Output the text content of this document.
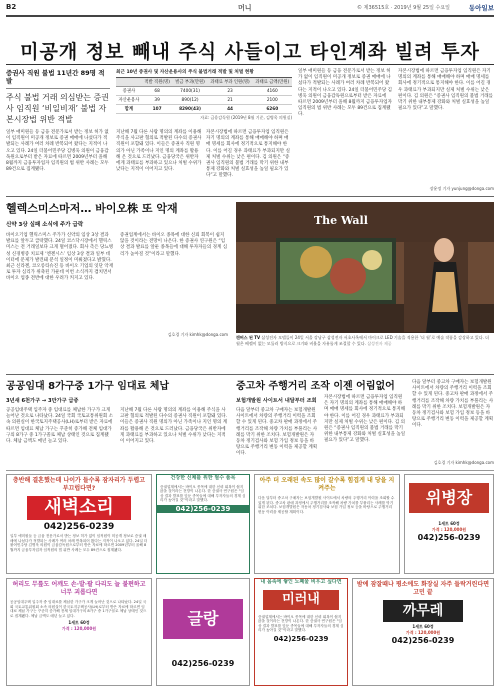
B2	머니	© 제36515호 · 2019년 9월 25일 수요일	동아일보
미공개 정보 빼내 주식 사들이고 타인계좌 빌려 투자
증권사 직원 불법 11년간 89명 적발
주식 불법 거래 의심받는 증권사 임직원 ‘비일비재’ 불법 자본시장법 위반 적발
일부 애미원들 등 금융 전문가로서 받는 정보 허가 없이 임직원이 미공개 정보로 증권 매매에 나섰다가 적발되는 사례가 여러 차례 반복되어 왔다는 지적이 나오고 있다. 24일 더불어민주당 김병욱 의원이 금융감독원으로부터 받은 자료에 따르면 2009년부터 올해 8월까지 금융투자업자 임직원의 법 위반 사례는 모두 89건으로 집계됐다.
최근 10년 증권사 및 자산운용사의 주식 불법거래 적발 및 처벌 현황
	적발 직원(명)	벌금 부과(만원)	과태료 부과 인원(명)	과태료 금액(만원)
증권사	68	7400(31)	23	4160
자산운용사	39	890(12)	21	2100
합계	107	8290(43)	44	6260
자료: 금융감독원 (2019년 8월 기준, 김병욱 의원실)
지난해 7월 다른 사람 명의의 계좌를 이용해 주식을 사고판 혐의로 적발된 다수의 증권사 직원이 포함돼 있다. 이들은 증권사 직원 명의가 아닌 가족이나 지인 명의 계좌를 활용해 온 것으로 드러났다. 금융당국은 위반자에게 과태료를 부과하고 있으나 처벌 수위가 낮다는 지적이 이어지고 있다.
자본시장법에 따르면 금융투자업 임직원은 자기 명의의 계좌를 통해 매매해야 하며 매매 명세를 회사에 정기적으로 통지해야 한다. 이를 어길 경우 과태료가 부과되지만 실제 처벌 수위는 낮은 편이다. 김 의원은 “증권사 임직원의 불법 거래를 막기 위한 내부통제 강화와 처벌 실효성을 높일 필요가 있다”고 말했다.
일부 애미원들 등 금융 전문가로서 받는 정보 허가 없이 임직원이 미공개 정보로 증권 매매에 나섰다가 적발되는 사례가 여러 차례 반복되어 왔다는 지적이 나오고 있다. 24일 더불어민주당 김병욱 의원이 금융감독원으로부터 받은 자료에 따르면 2009년부터 올해 8월까지 금융투자업자 임직원의 법 위반 사례는 모두 89건으로 집계됐다.
자본시장법에 따르면 금융투자업 임직원은 자기 명의의 계좌를 통해 매매해야 하며 매매 명세를 회사에 정기적으로 통지해야 한다. 이를 어길 경우 과태료가 부과되지만 실제 처벌 수위는 낮은 편이다. 김 의원은 “증권사 임직원의 불법 거래를 막기 위한 내부통제 강화와 처벌 실효성을 높일 필요가 있다”고 말했다.
장윤정 기자 yunjung@donga.com
헬렉스미스마저… 바이오株 또 악재
신약 3상 실패 소식에 주가 급락
바이오기업 헬릭스미스 주가가 신약의 임상 3상 결과 발표를 앞두고 급락했다. 24일 코스닥시장에서 헬릭스미스는 전 거래일보다 크게 떨어졌다. 회사 측은 당뇨병성 신경병증 치료제 ‘엔젠시스’ 임상 3상 결과 일부 데이터에 문제가 발견돼 분석 일정이 미뤄졌다고 밝혔다. 최근 신라젠, 코오롱티슈진 등 바이오 기업의 잇단 악재로 투자 심리가 위축된 가운데 이번 소식까지 겹치면서 바이오 업종 전반에 대한 우려가 커지고 있다.
증권업계에서는 바이오 종목에 대한 신뢰 회복이 쉽지 않을 것이라는 전망이 나온다. 한 증권사 연구원은 “임상 결과 발표를 앞둔 종목들에 대해 투자자들의 경계 심리가 높아질 것”이라고 말했다.
김호경 기자 kimhk@donga.com
The Wall
캔버스 된 TV 삼성전자 모델들이 24일 서울 강남구 삼성전자 서초사옥에서 마이크로 LED 기술을 적용한 ‘더 월’로 예술 작품을 감상하고 있다. 더 월은 베젤이 없는 모듈러 방식으로 크기와 비율을 자유롭게 조절할 수 있다. 삼성전자 제공
공공임대 8가구중 1가구 임대료 체납
3년새 6천가구 → 3만가구 급증
공공임대주택 입주자 중 임대료를 체납한 가구가 크게 늘어난 것으로 나타났다. 24일 국회 국토교통위원회 소속 의원실이 한국토지주택공사(LH)로부터 받은 자료에 따르면 임대료 체납 가구는 꾸준히 증가해 전체 임대가구의 8가구 중 1가구꼴로 체납 상태인 것으로 집계됐다. 체납 금액도 매년 늘고 있다.
지난해 7월 다른 사람 명의의 계좌를 이용해 주식을 사고판 혐의로 적발된 다수의 증권사 직원이 포함돼 있다. 이들은 증권사 직원 명의가 아닌 가족이나 지인 명의 계좌를 활용해 온 것으로 드러났다. 금융당국은 위반자에게 과태료를 부과하고 있으나 처벌 수위가 낮다는 지적이 이어지고 있다.
중고차 주행거리 조작 이젠 어림없어
보험개발원 사이트서 내달부터 조회
다음 달부터 중고차 구매자는 보험개발원 사이트에서 차량의 주행거리 이력을 조회할 수 있게 된다. 중고차 판매 과정에서 주행거리를 조작해 차량 가치를 부풀리는 사례를 막기 위한 조치다. 보험개발원은 자동차 정기검사와 보험 가입 정보 등을 바탕으로 주행거리 변동 이력을 제공할 계획이다.
자본시장법에 따르면 금융투자업 임직원은 자기 명의의 계좌를 통해 매매해야 하며 매매 명세를 회사에 정기적으로 통지해야 한다. 이를 어길 경우 과태료가 부과되지만 실제 처벌 수위는 낮은 편이다. 김 의원은 “증권사 임직원의 불법 거래를 막기 위한 내부통제 강화와 처벌 실효성을 높일 필요가 있다”고 말했다.
다음 달부터 중고차 구매자는 보험개발원 사이트에서 차량의 주행거리 이력을 조회할 수 있게 된다. 중고차 판매 과정에서 주행거리를 조작해 차량 가치를 부풀리는 사례를 막기 위한 조치다. 보험개발원은 자동차 정기검사와 보험 가입 정보 등을 바탕으로 주행거리 변동 이력을 제공할 계획이다.
김호경 기자 kimhk@donga.com
충반해 결혼했는데 나이가 들수록 잠자리가 두렵고 부끄럽다면?
새벽소리
042)256-0239
일부 애미원들 등 금융 전문가로서 받는 정보 허가 없이 임직원이 미공개 정보로 증권 매매에 나섰다가 적발되는 사례가 여러 차례 반복되어 왔다는 지적이 나오고 있다. 24일 더불어민주당 김병욱 의원이 금융감독원으로부터 받은 자료에 따르면 2009년부터 올해 8월까지 금융투자업자 임직원의 법 위반 사례는 모두 89건으로 집계됐다.
건강한 신체를 위한 필수 품목
증권업계에서는 바이오 종목에 대한 신뢰 회복이 쉽지 않을 것이라는 전망이 나온다. 한 증권사 연구원은 “임상 결과 발표를 앞둔 종목들에 대해 투자자들의 경계 심리가 높아질 것”이라고 말했다.
042)256-0239
아주 더 오래된 속도 많이 갈수록 힘겹게 내 당을 지켜주는
다음 달부터 중고차 구매자는 보험개발원 사이트에서 차량의 주행거리 이력을 조회할 수 있게 된다. 중고차 판매 과정에서 주행거리를 조작해 차량 가치를 부풀리는 사례를 막기 위한 조치다. 보험개발원은 자동차 정기검사와 보험 가입 정보 등을 바탕으로 주행거리 변동 이력을 제공할 계획이다.
위병장
1세트 60정
가격 : 120,000원
042)256-0239
허리도 무릎도 어깨도 손·발·팔 다리도 늘 불편하고 너무 괴롭다면
공공임대주택 입주자 중 임대료를 체납한 가구가 크게 늘어난 것으로 나타났다. 24일 국회 국토교통위원회 소속 의원실이 한국토지주택공사(LH)로부터 받은 자료에 따르면 임대료 체납 가구는 꾸준히 증가해 전체 임대가구의 8가구 중 1가구꼴로 체납 상태인 것으로 집계됐다. 체납 금액도 매년 늘고 있다.
1세트 60정
가격 : 120,000원
글랑
042)256-0239
내 몸속에 쌓인 노폐물 비우고 싶다면
미러내
증권업계에서는 바이오 종목에 대한 신뢰 회복이 쉽지 않을 것이라는 전망이 나온다. 한 증권사 연구원은 “임상 결과 발표를 앞둔 종목들에 대해 투자자들의 경계 심리가 높아질 것”이라고 말했다.
042)256-0239
밤에 잠잘때나 평소에도 화장실 자주 들락거린다면 고민 끝
까무레
1세트 60정
가격 : 120,000원
042)256-0239
